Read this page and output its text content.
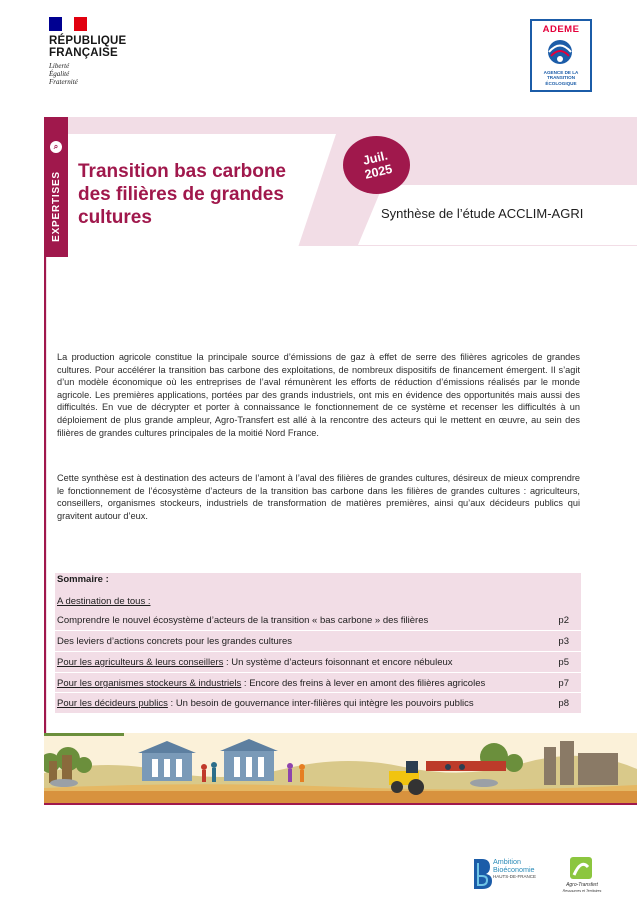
RÉPUBLIQUE
FRANÇAISE
Liberté
Égalité
Fraternité
ADEME
AGENCE DE LA
TRANSITION
ÉCOLOGIQUE
⌕
EXPERTISES Transition bas carbone des filières de grandes cultures
Juil.
2025
Synthèse de l’étude ACCLIM-AGRI
La production agricole constitue la principale source d’émissions de gaz à effet de serre des filières agricoles de grandes cultures. Pour accélérer la transition bas carbone des exploitations, de nombreux dispositifs de financement émergent. Il s’agit d’un modèle économique où les entreprises de l’aval rémunèrent les efforts de réduction d’émissions réalisés par le monde agricole. Les premières applications, portées par des grands industriels, ont mis en évidence des opportunités mais aussi des difficultés. En vue de décrypter et porter à connaissance le fonctionnement de ce système et recenser les difficultés à un déploiement de plus grande ampleur, Agro-Transfert est allé à la rencontre des acteurs qui le mettent en œuvre, au sein des filières de grandes cultures principales de la moitié Nord France.
Cette synthèse est à destination des acteurs de l’amont à l’aval des filières de grandes cultures, désireux de mieux comprendre le fonctionnement de l’écosystème d’acteurs de la transition bas carbone dans les filières de grandes cultures : agriculteurs, conseillers, organismes stockeurs, industriels de transformation de matières premières, ainsi qu’aux décideurs publics qui gravitent autour d’eux.
Sommaire :
A destination de tous :
Comprendre le nouvel écosystème d’acteurs de la transition « bas carbone » des filières	p2
Des leviers d’actions concrets pour les grandes cultures	p3
Pour les agriculteurs & leurs conseillers : Un système d’acteurs foisonnant et encore nébuleux	p5
Pour les organismes stockeurs & industriels : Encore des freins à lever en amont des filières agricoles	p7
Pour les décideurs publics : Un besoin de gouvernance inter-filières qui intègre les pouvoirs publics	p8
Ambition
Bioéconomie
HAUTS-DE-FRANCE
Agro-Transfert
Ressources et Territoires
